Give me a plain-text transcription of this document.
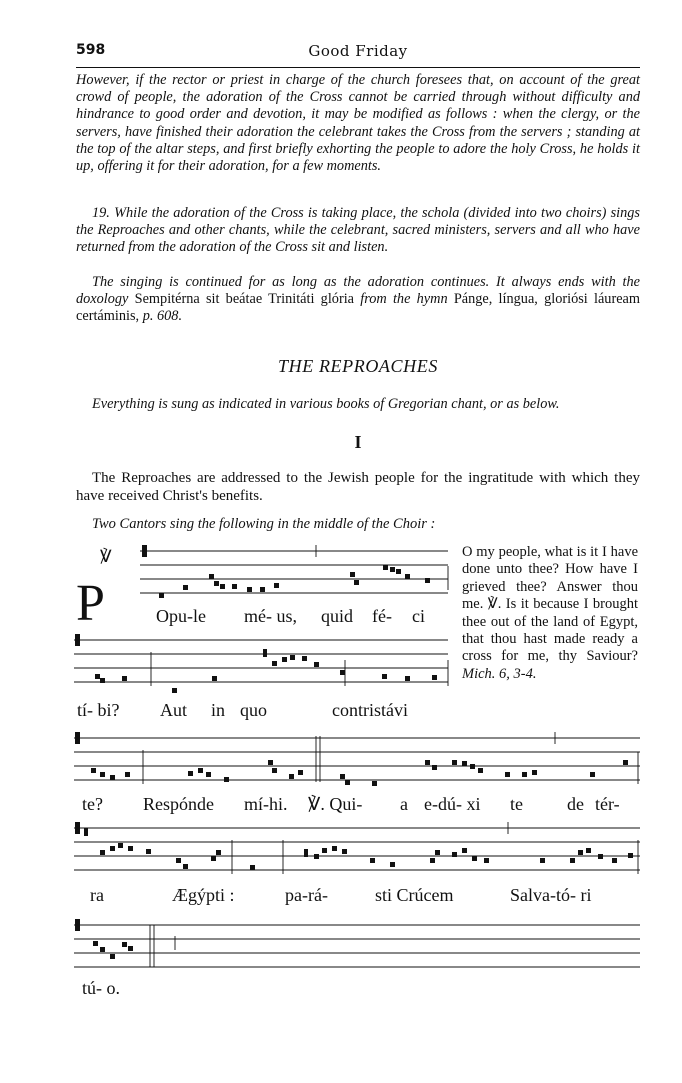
598	Good Friday
However, if the rector or priest in charge of the church foresees that, on account of the great crowd of people, the adoration of the Cross cannot be carried through without difficulty and hindrance to good order and devotion, it may be modified as follows : when the clergy, or the servers, have finished their adoration the celebrant takes the Cross from the servers ; standing at the top of the altar steps, and first briefly exhorting the people to adore the holy Cross, he holds it up, offering it for their adoration, for a few moments.
19. While the adoration of the Cross is taking place, the schola (divided into two choirs) sings the Reproaches and other chants, while the celebrant, sacred ministers, servers and all who have returned from the adoration of the Cross sit and listen.
The singing is continued for as long as the adoration continues. It always ends with the doxology Sempitérna sit beátae Trinitáti glória from the hymn Pánge, língua, gloriósi láuream certáminis, p. 608.
THE REPROACHES
Everything is sung as indicated in various books of Gregorian chant, or as below.
I
The Reproaches are addressed to the Jewish people for the ingratitude with which they have received Christ's benefits.
Two Cantors sing the following in the middle of the Choir :
℣
P
O my people, what is it I have done unto thee? How have I grieved thee? Answer thou me. ℣. Is it because I brought thee out of the land of Egypt, that thou hast made ready a cross for me, thy Saviour? Mich. 6, 3-4.
Opu-le mé- us, quid fé- ci
tí- bi? Aut in quo	contristávi
te? Respónde mí-hi. ℣. Qui- a e-dú- xi te de tér-
ra	Ægýpti :	pa-rá-	sti Crúcem	Salva-tó- ri
tú- o.
